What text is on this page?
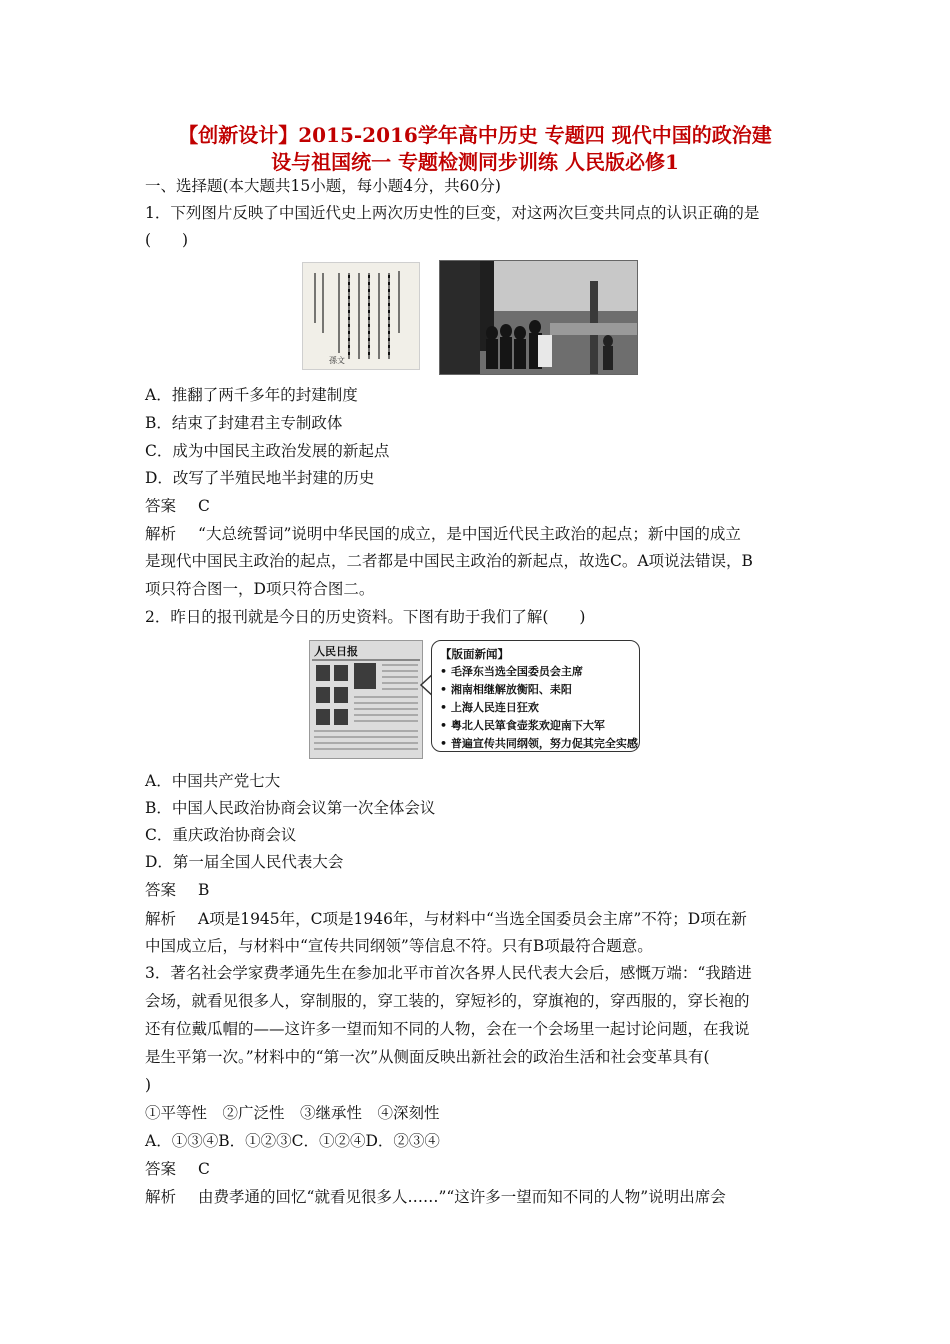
【创新设计】2015-2016学年高中历史 专题四 现代中国的政治建
设与祖国统一 专题检测同步训练 人民版必修1
一、选择题(本大题共15小题，每小题4分，共60分)
1．下列图片反映了中国近代史上两次历史性的巨变，对这两次巨变共同点的认识正确的是
(　　)
孫文
A．推翻了两千多年的封建制度
B．结束了封建君主专制政体
C．成为中国民主政治发展的新起点
D．改写了半殖民地半封建的历史
答案 C
解析 “大总统誓词”说明中华民国的成立，是中国近代民主政治的起点；新中国的成立
是现代中国民主政治的起点，二者都是中国民主政治的新起点，故选C。A项说法错误，B
项只符合图一，D项只符合图二。
2．昨日的报刊就是今日的历史资料。下图有助于我们了解(　　)
人民日报	【版面新闻】
• 毛泽东当选全国委员会主席
• 湘南相继解放衡阳、耒阳
• 上海人民连日狂欢
• 粤北人民箪食壶浆欢迎南下大军
• 普遍宣传共同纲领，努力促其完全实感
A．中国共产党七大
B．中国人民政治协商会议第一次全体会议
C．重庆政治协商会议
D．第一届全国人民代表大会
答案 B
解析 A项是1945年，C项是1946年，与材料中“当选全国委员会主席”不符；D项在新
中国成立后，与材料中“宣传共同纲领”等信息不符。只有B项最符合题意。
3．著名社会学家费孝通先生在参加北平市首次各界人民代表大会后，感慨万端：“我踏进
会场，就看见很多人，穿制服的，穿工装的，穿短衫的，穿旗袍的，穿西服的，穿长袍的
还有位戴瓜帽的——这许多一望而知不同的人物，会在一个会场里一起讨论问题，在我说
是生平第一次。”材料中的“第一次”从侧面反映出新社会的政治生活和社会变革具有(
)
①平等性　②广泛性　③继承性　④深刻性
A．①③④B．①②③C．①②④D．②③④
答案 C
解析 由费孝通的回忆“就看见很多人……”“这许多一望而知不同的人物”说明出席会
